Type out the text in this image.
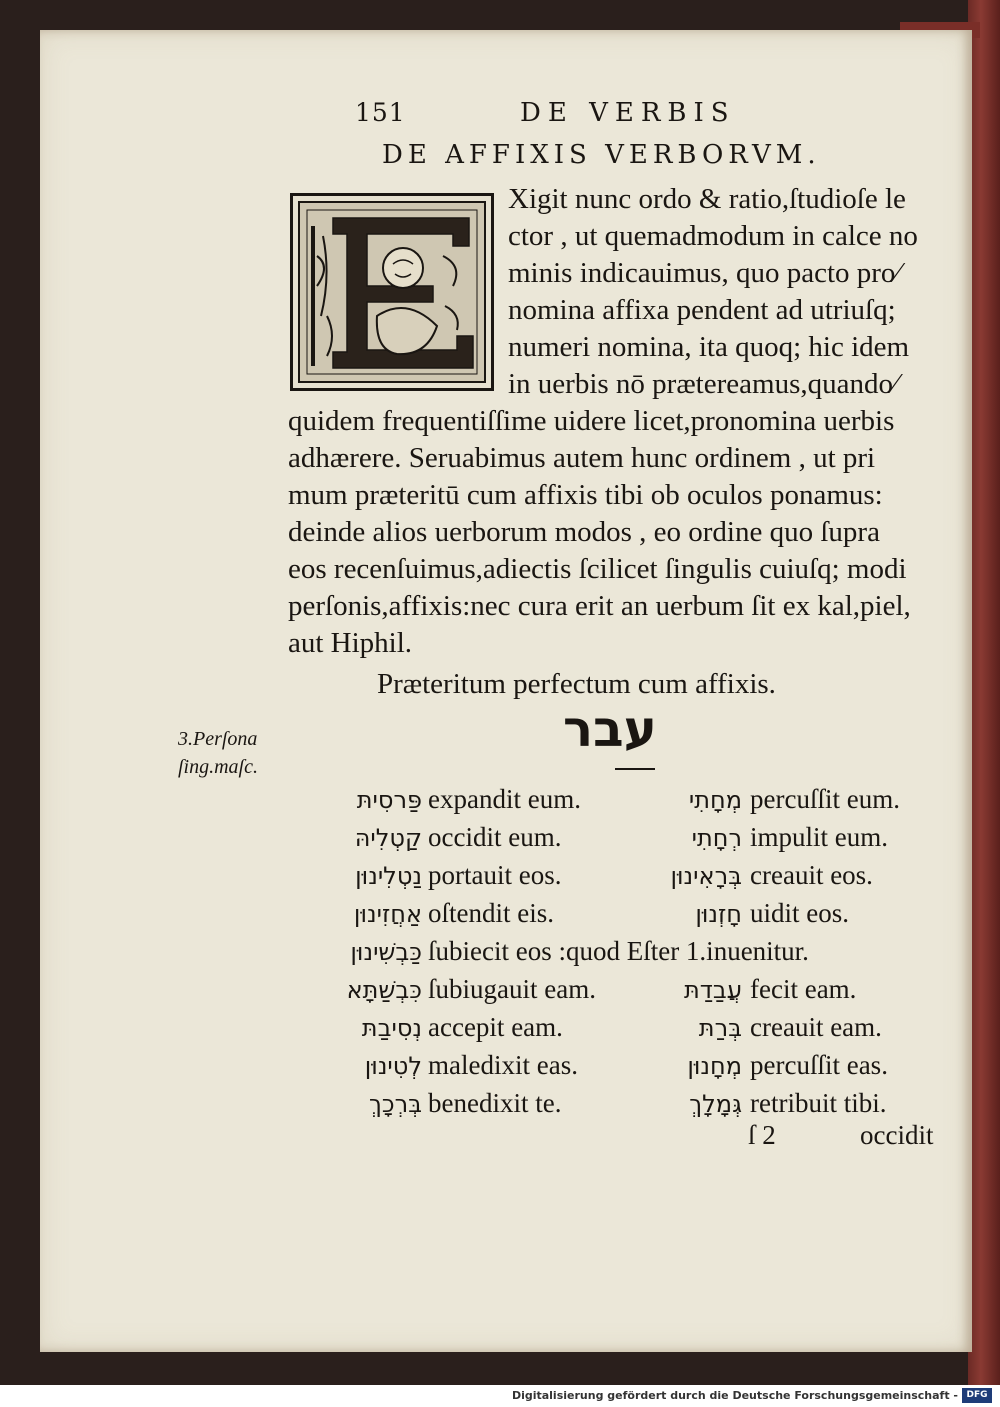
151	DE VERBIS
DE AFFIXIS VERBORVM.
Xigit nunc ordo & ratio,ſtudioſe le
ctor , ut quemadmodum in calce no
minis indicauimus, quo pacto pro⁄
nomina affixa pendent ad utriuſq;
numeri nomina, ita quoq; hic idem
in uerbis nō prætereamus,quando⁄
quidem frequentiſſime uidere licet,pronomina uerbis
adhærere. Seruabimus autem hunc ordinem , ut pri
mum præteritū cum affixis tibi ob oculos ponamus:
deinde alios uerborum modos , eo ordine quo ſupra
eos recenſuimus,adiectis ſcilicet ſingulis cuiuſq; modi
perſonis,affixis:nec cura erit an uerbum ſit ex kal,piel,
aut Hiphil.
Præteritum perfectum cum affixis.
עבר
3.Perſona
ſing.maſc.
פַּרסִיתּ expandit eum.	מְחָתִי percuſſit eum.
קַטְלִיהּ occidit eum.	רְחָתִי impulit eum.
נַטְלִינוּן portauit eos.	בְּרָאִינוּן creauit eos.
אַחֲזִינוּן oſtendit eis.	חָזְנוּן uidit eos.
כַּבְשִׁינוּן ſubiecit eos :quod Eſter 1.inuenitur.
כִּבְשַׁתָּא ſubiugauit eam.	עֲבַדַתּ fecit eam.
נְסִיבַתּ accepit eam.	בְּרַתּ creauit eam.
לְטִינוּן maledixit eas.	מְחָנוּן percuſſit eas.
בְּרְכָךְ benedixit te.	גְּמָלָךְ retribuit tibi.
ſ 2	occidit
Digitalisierung gefördert durch die Deutsche Forschungsgemeinschaft - DFG
